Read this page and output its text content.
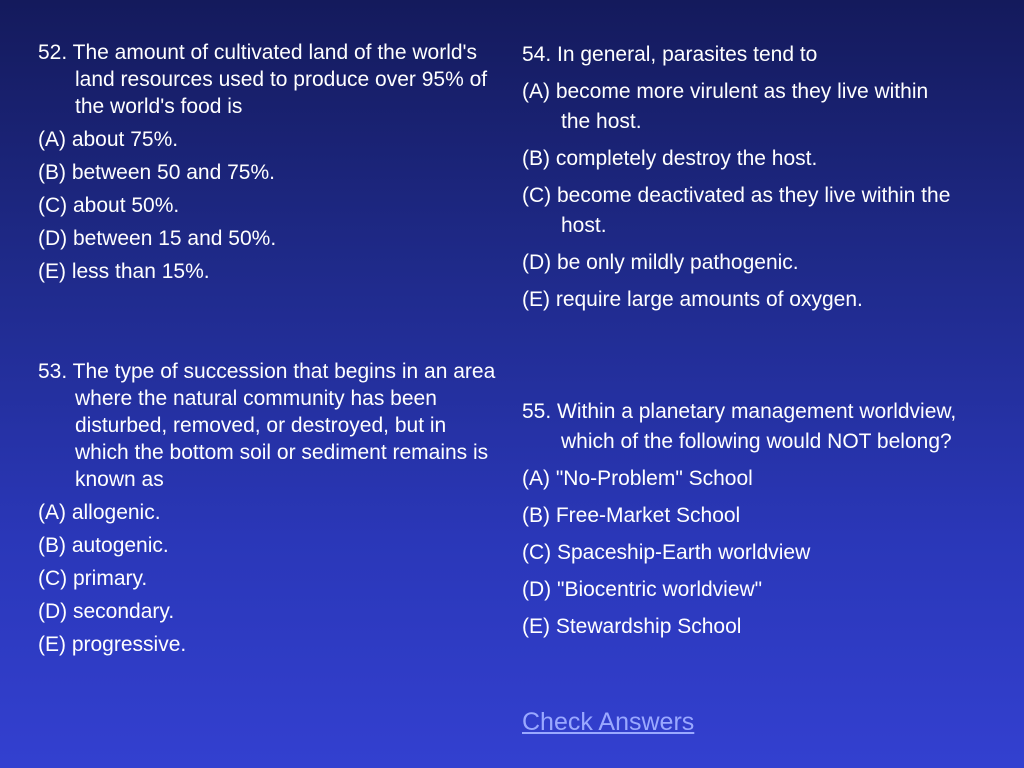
52. The amount of cultivated land of the world's land resources used to produce over 95% of the world's food is

(A) about 75%.

(B) between 50 and 75%.

(C) about 50%.

(D) between 15 and 50%.

(E) less than 15%.

53. The type of succession that begins in an area where the natural community has been disturbed, removed, or destroyed, but in which the bottom soil or sediment remains is known as

(A) allogenic.

(B) autogenic.

(C) primary.

(D) secondary.

(E) progressive.

54. In general, parasites tend to

(A) become more virulent as they live within the host.

(B) completely destroy the host.

(C) become deactivated as they live within the host.

(D) be only mildly pathogenic.

(E) require large amounts of oxygen.

55. Within a planetary management worldview, which of the following would NOT belong?

(A) "No-Problem" School

(B) Free-Market School

(C) Spaceship-Earth worldview

(D) "Biocentric worldview"

(E) Stewardship School

Check Answers
